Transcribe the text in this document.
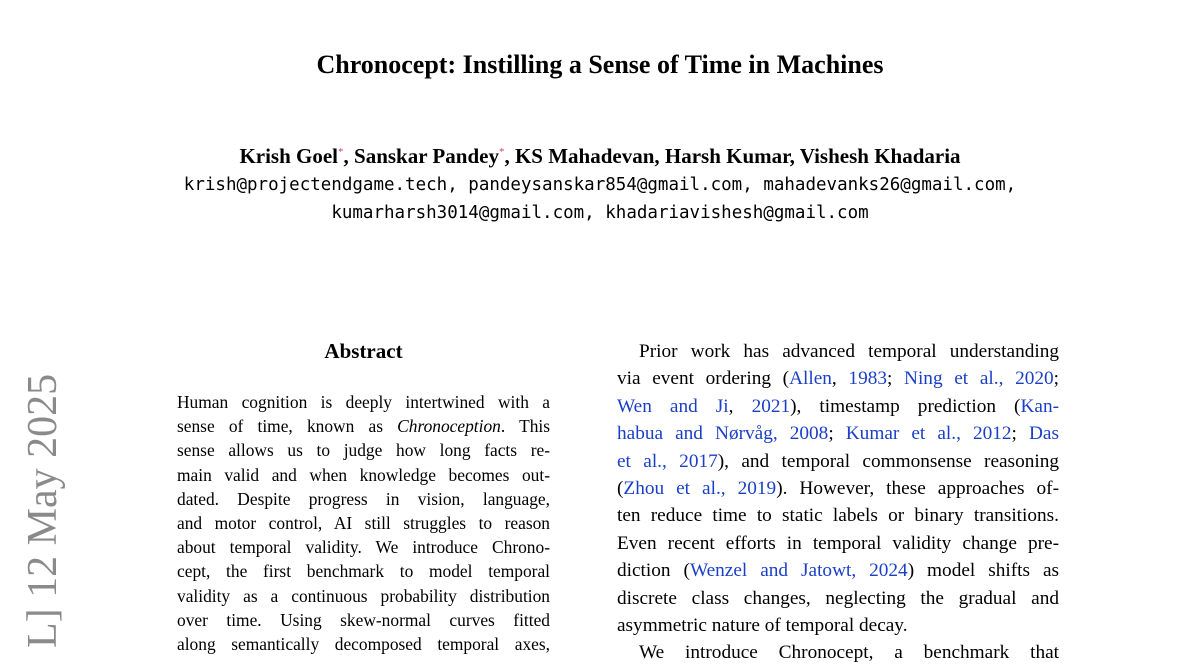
Chronocept: Instilling a Sense of Time in Machines
Krish Goel*, Sanskar Pandey*, KS Mahadevan, Harsh Kumar, Vishesh Khadaria
krish@projectendgame.tech, pandeysanskar854@gmail.com, mahadevanks26@gmail.com,
kumarharsh3014@gmail.com, khadariavishesh@gmail.com
L] 12 May 2025
Abstract
Human cognition is deeply intertwined with a
sense of time, known as Chronoception. This
sense allows us to judge how long facts re-
main valid and when knowledge becomes out-
dated. Despite progress in vision, language,
and motor control, AI still struggles to reason
about temporal validity. We introduce Chrono-
cept, the first benchmark to model temporal
validity as a continuous probability distribution
over time. Using skew-normal curves fitted
along semantically decomposed temporal axes,
Prior work has advanced temporal understanding
via event ordering (Allen, 1983; Ning et al., 2020;
Wen and Ji, 2021), timestamp prediction (Kan-
habua and Nørvåg, 2008; Kumar et al., 2012; Das
et al., 2017), and temporal commonsense reasoning
(Zhou et al., 2019). However, these approaches of-
ten reduce time to static labels or binary transitions.
Even recent efforts in temporal validity change pre-
diction (Wenzel and Jatowt, 2024) model shifts as
discrete class changes, neglecting the gradual and
asymmetric nature of temporal decay.
We introduce Chronocept, a benchmark that
